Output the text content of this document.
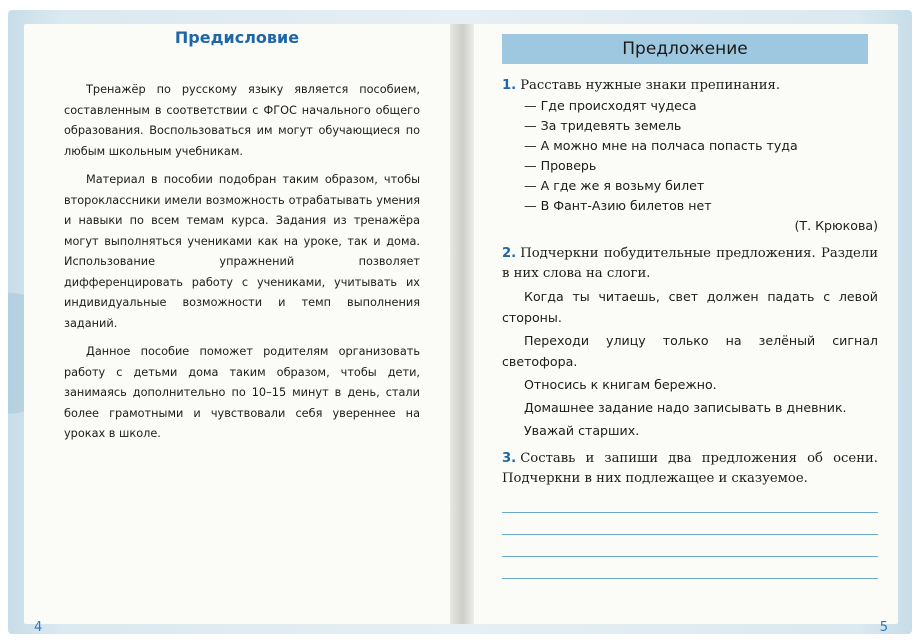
Предисловие

Тренажёр по русскому языку является пособием, составленным в соответствии с ФГОС начального общего образования. Воспользоваться им могут обучающиеся по любым школьным учебникам.

Материал в пособии подобран таким образом, чтобы второклассники имели возможность отрабатывать умения и навыки по всем темам курса. Задания из тренажёра могут выполняться учениками как на уроке, так и дома. Использование упражнений позволяет дифференцировать работу с учениками, учитывать их индивидуальные возможности и темп выполнения заданий.

Данное пособие поможет родителям организовать работу с детьми дома таким образом, чтобы дети, занимаясь дополнительно по 10–15 минут в день, стали более грамотными и чувствовали себя увереннее на уроках в школе.

4
Предложение

1. Расставь нужные знаки препинания.

— Где происходят чудеса
— За тридевять земель
— А можно мне на полчаса попасть туда
— Проверь
— А где же я возьму билет
— В Фант-Азию билетов нет

(Т. Крюкова)

2. Подчеркни побудительные предложения. Раздели в них слова на слоги.

Когда ты читаешь, свет должен падать с левой стороны.

Переходи улицу только на зелёный сигнал светофора.

Относись к книгам бережно.

Домашнее задание надо записывать в дневник.

Уважай старших.

3. Составь и запиши два предложения об осени. Подчеркни в них подлежащее и сказуемое.

5
